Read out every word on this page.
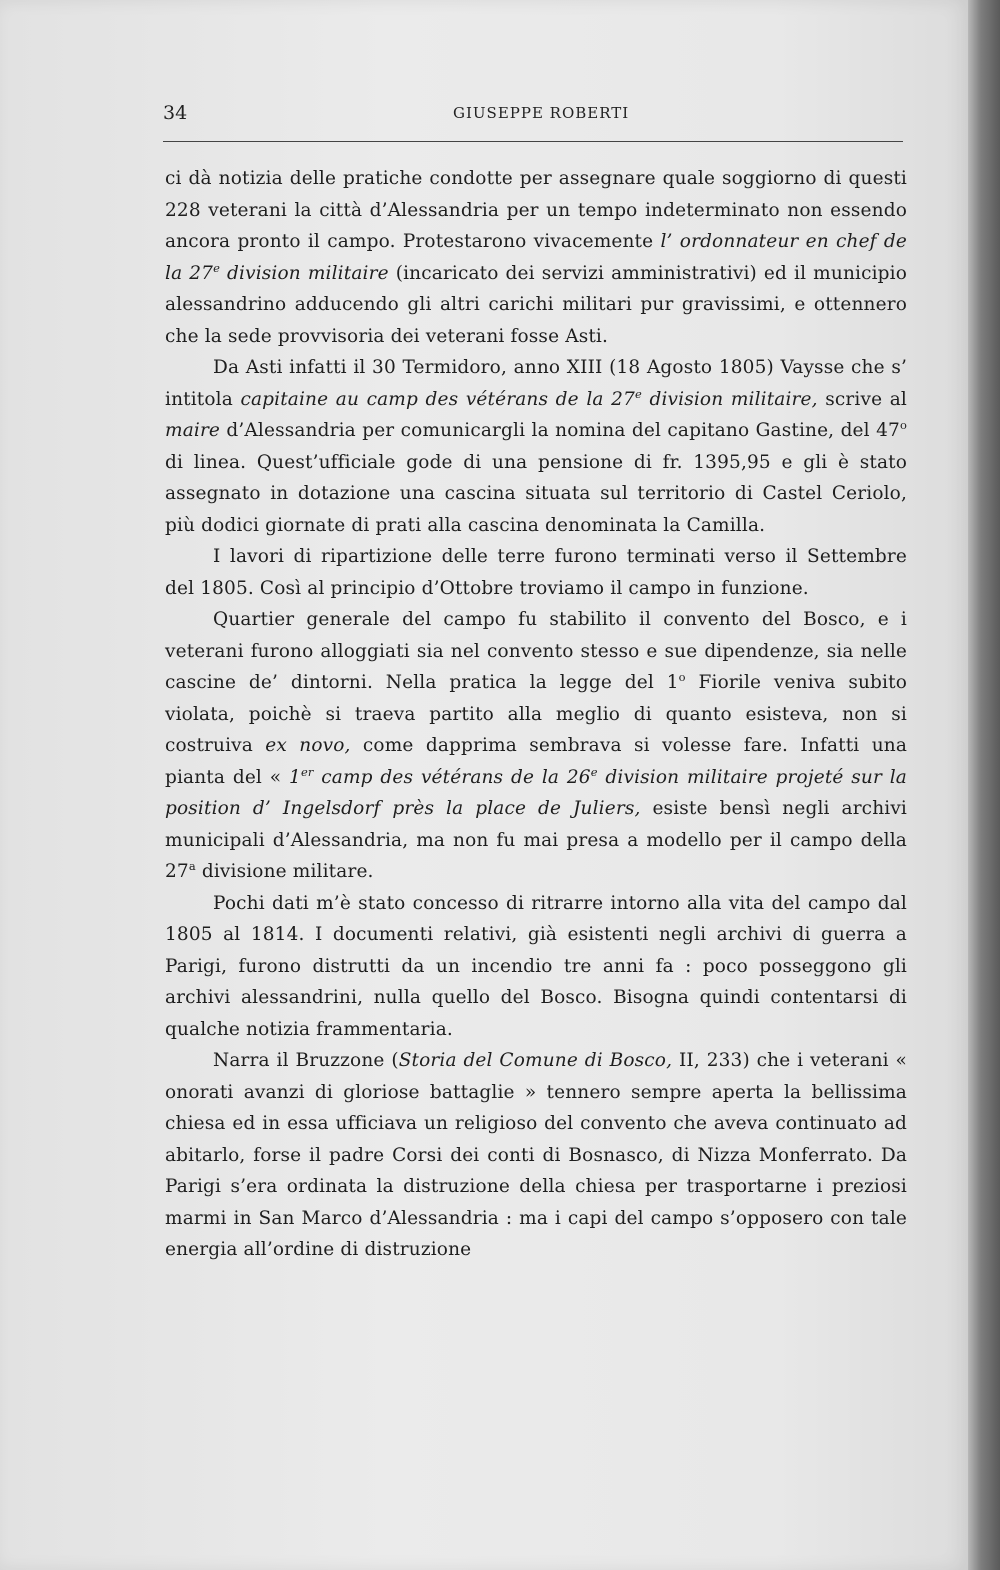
34	GIUSEPPE ROBERTI

ci dà notizia delle pratiche condotte per assegnare quale soggiorno di questi 228 veterani la città d’Alessandria per un tempo indeterminato non essendo ancora pronto il campo. Protestarono vivacemente l’ ordonnateur en chef de la 27e division militaire (incaricato dei servizi amministrativi) ed il municipio alessandrino adducendo gli altri carichi militari pur gravissimi, e ottennero che la sede provvisoria dei veterani fosse Asti.

Da Asti infatti il 30 Termidoro, anno XIII (18 Agosto 1805) Vaysse che s’ intitola capitaine au camp des vétérans de la 27e division militaire, scrive al maire d’Alessandria per comunicargli la nomina del capitano Gastine, del 47$^o$ di linea. Quest’ufficiale gode di una pensione di fr. 1395,95 e gli è stato assegnato in dotazione una cascina situata sul territorio di Castel Ceriolo, più dodici giornate di prati alla cascina denominata la Camilla.

I lavori di ripartizione delle terre furono terminati verso il Settembre del 1805. Così al principio d’Ottobre troviamo il campo in funzione.

Quartier generale del campo fu stabilito il convento del Bosco, e i veterani furono alloggiati sia nel convento stesso e sue dipendenze, sia nelle cascine de’ dintorni. Nella pratica la legge del 1$^o$ Fiorile veniva subito violata, poichè si traeva partito alla meglio di quanto esisteva, non si costruiva ex novo, come dapprima sembrava si volesse fare. Infatti una pianta del « 1er camp des vétérans de la 26e division militaire projeté sur la position d’ Ingelsdorf près la place de Juliers, esiste bensì negli archivi municipali d’Alessandria, ma non fu mai presa a modello per il campo della 27$^a$ divisione militare.

Pochi dati m’è stato concesso di ritrarre intorno alla vita del campo dal 1805 al 1814. I documenti relativi, già esistenti negli archivi di guerra a Parigi, furono distrutti da un incendio tre anni fa : poco posseggono gli archivi alessandrini, nulla quello del Bosco. Bisogna quindi contentarsi di qualche notizia frammentaria.

Narra il Bruzzone (Storia del Comune di Bosco, II, 233) che i veterani « onorati avanzi di gloriose battaglie » tennero sempre aperta la bellissima chiesa ed in essa ufficiava un religioso del convento che aveva continuato ad abitarlo, forse il padre Corsi dei conti di Bosnasco, di Nizza Monferrato. Da Parigi s’era ordinata la distruzione della chiesa per trasportarne i preziosi marmi in San Marco d’Alessandria : ma i capi del campo s’opposero con tale energia all’ordine di distruzione
